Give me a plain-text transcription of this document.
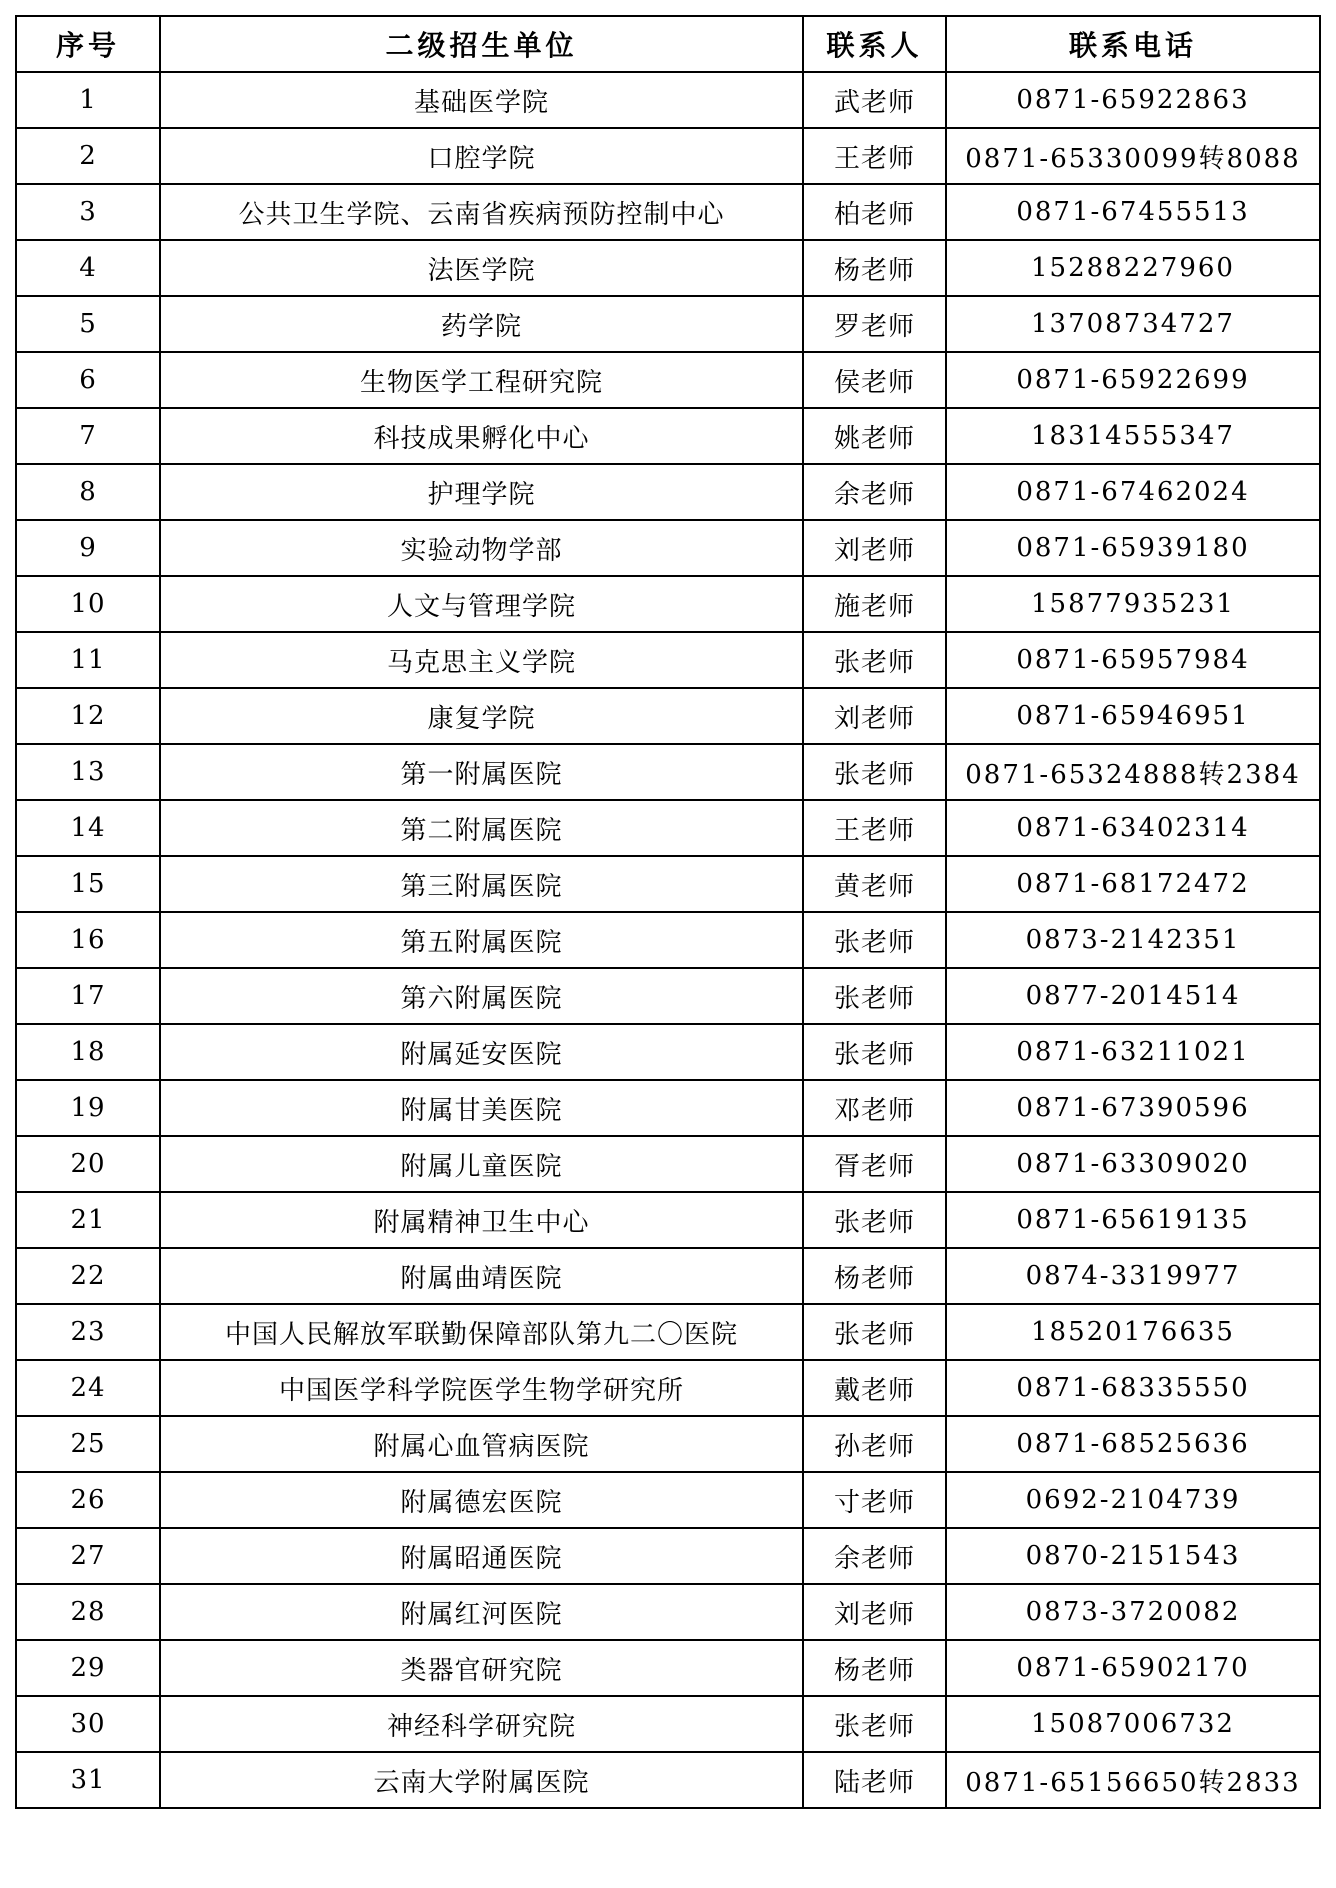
序号	二级招生单位	联系人	联系电话
1	基础医学院	武老师	0871-65922863
2	口腔学院	王老师	0871-65330099转8088
3	公共卫生学院、云南省疾病预防控制中心	柏老师	0871-67455513
4	法医学院	杨老师	15288227960
5	药学院	罗老师	13708734727
6	生物医学工程研究院	侯老师	0871-65922699
7	科技成果孵化中心	姚老师	18314555347
8	护理学院	余老师	0871-67462024
9	实验动物学部	刘老师	0871-65939180
10	人文与管理学院	施老师	15877935231
11	马克思主义学院	张老师	0871-65957984
12	康复学院	刘老师	0871-65946951
13	第一附属医院	张老师	0871-65324888转2384
14	第二附属医院	王老师	0871-63402314
15	第三附属医院	黄老师	0871-68172472
16	第五附属医院	张老师	0873-2142351
17	第六附属医院	张老师	0877-2014514
18	附属延安医院	张老师	0871-63211021
19	附属甘美医院	邓老师	0871-67390596
20	附属儿童医院	胥老师	0871-63309020
21	附属精神卫生中心	张老师	0871-65619135
22	附属曲靖医院	杨老师	0874-3319977
23	中国人民解放军联勤保障部队第九二〇医院	张老师	18520176635
24	中国医学科学院医学生物学研究所	戴老师	0871-68335550
25	附属心血管病医院	孙老师	0871-68525636
26	附属德宏医院	寸老师	0692-2104739
27	附属昭通医院	余老师	0870-2151543
28	附属红河医院	刘老师	0873-3720082
29	类器官研究院	杨老师	0871-65902170
30	神经科学研究院	张老师	15087006732
31	云南大学附属医院	陆老师	0871-65156650转2833
